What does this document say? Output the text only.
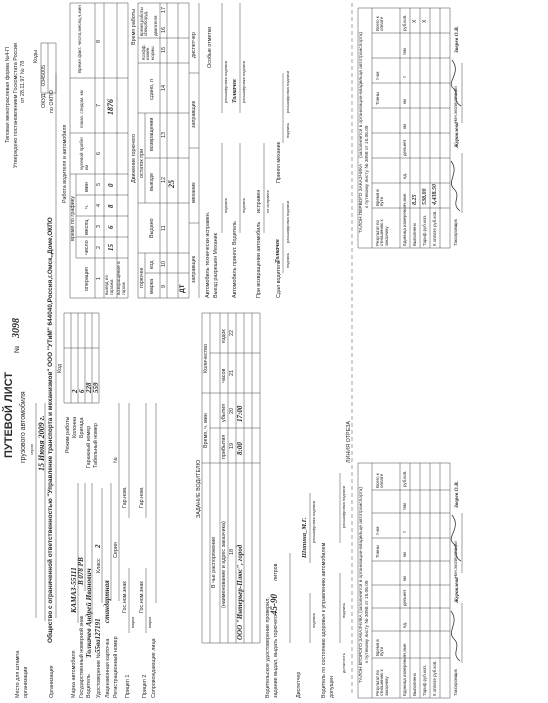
Типовая межотраслевая форма №4-П Утверждено постановлением Госкомстата России от 28.11.97 № 78
Место для штампа организации
ПУТЕВОЙ ЛИСТ грузового автомобиля серия
№
3098
15 Июня 2009 г.
Коды
ОКУД
0345005
по ОКПО
Организация
Общество с ограниченной ответственностью "Управление транспорта и механизмов" ООО "УТиМ" 644040,Россия,г.Омск,,Доме,ОКПО Код
Режим работы Колонна
2
Бригада
6
Марка автомобиля
КАМАЗ-55111
Государственный номерной знак
В 078 РВ
Водитель
Толкачев Андрей Иванович
Гаражный номер
228
Табельный номер
559
Удостоверение №
55ва127191
Класс
2
Лицензионная карточка
стандартная
Регистрационный номер
Серия
№
Прицеп 1
Гос.ном.знак
Гар.ном.
марка
Прицеп 2
Гос.ном.знак
Гар.ном.
марка
Сопровождающие лица
Работа водителя и автомобиля
операция
время по графику
число
месяц
ч.
мин
нулевой пробег км
показ. спидом. км
Время факт. число,месяц,ч,мин
1
2
3
4
5
6
7
8
выезд из гаража
15
6
8
0
1876
возвращение в гараж
Движение горючего
Время работы
горючее марка
код
Выдано
остаток при
выезде
возвращении
сдано, л
Коэфф. измен. нормы
время работы спецоборуд. двигателя
9
10
11
12
13
14
15
16
17
ДТ
25
заправщик
механик
заправщик
диспетчер
ЗАДАНИЕ ВОДИТЕЛЮ
В чье распоряжение (наименование и адрес заказчика)
Время, ч. мин прибытия
убытия
Количество
часов
ездок
18
19
20
21
22
ООО "Интерьер-Плюс", город
8:00
17:00
Автомобиль технически исправен. Выезд разрешен Механик
Особые отметки
подпись
расшифровка подписи
Автомобиль принял: Водитель
Толкачев
подпись
расшифровка подписи
При возвращении автомобиль
исправен не исправен
Сдал водитель
Толкачев подпись
расшифровка подписи
Принял механик
подпись
расшифровка подписи
Водительское удостоверение проверил, задание выдал, выдать горючего
45-90
литров
Диспетчер
Шипина_М.Г.
подпись
расшифровка подписи
Водитель по состоянию здоровья к управлению автомобилем допущен
должность
подпись
расшифровка подписи
ЛИНИЯ ОТРЕЗА
ТАЛОН ВТОРОГО ЗАКАЗЧИКА
(заполняется в организации-владельце автотранспорта)
к путевому листу № 3098 от 15.06.09
Результат по отношению к заказчику
Время в пути
Тонны
т-км
Всего к оплате
Единица измерения
ч,мин
ед.
дельнет
км
км
т
ткм
руб.коп.
Выполнено Тариф руб.коп. К оплате руб.коп.	Таксировщик
Журавлева
Нач.эксплуатации
Зверев О.В.
ТАЛОН ПЕРВОГО ЗАКАЗЧИКА
(заполняется в организации-владельце автотранспорта)
к путевому листу № 3098 от 15.06.09
Результат по отношению к заказчику
Время в пути
Тонны
т-км
Всего к оплате
Единица измерения
ч,мин
ед.
дельнет
км
км
т
ткм
руб.коп.
Выполнено
8.25
X
Тариф руб.коп.
538.00
X
К оплате руб.коп.
4,438.50
Таксировщик
Журавлева
Нач.эксплуатации
Зверев О.В.
